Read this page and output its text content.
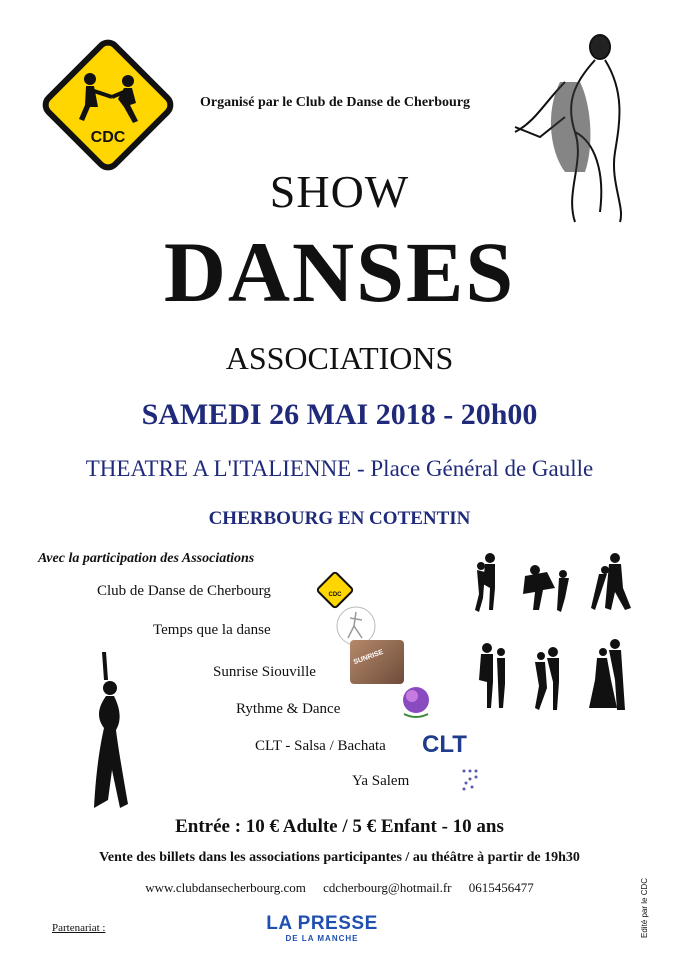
CDC
Organisé par le Club de Danse de Cherbourg
SHOW
DANSES
ASSOCIATIONS
SAMEDI 26 MAI 2018 - 20h00
THEATRE A L'ITALIENNE - Place Général de Gaulle
CHERBOURG EN COTENTIN
Avec la participation des Associations
Club de Danse de Cherbourg	CDC
Temps que la danse
Sunrise Siouville
SUNRISE
Rythme & Dance
CLT - Salsa / Bachata CLT
Ya Salem
Entrée : 10 € Adulte / 5 € Enfant - 10 ans
Vente des billets dans les associations participantes / au théâtre à partir de 19h30
www.clubdansecherbourg.com cdcherbourg@hotmail.fr 0615456477
Partenariat :	LA PRESSE
DE LA MANCHE
Edité par le CDC
